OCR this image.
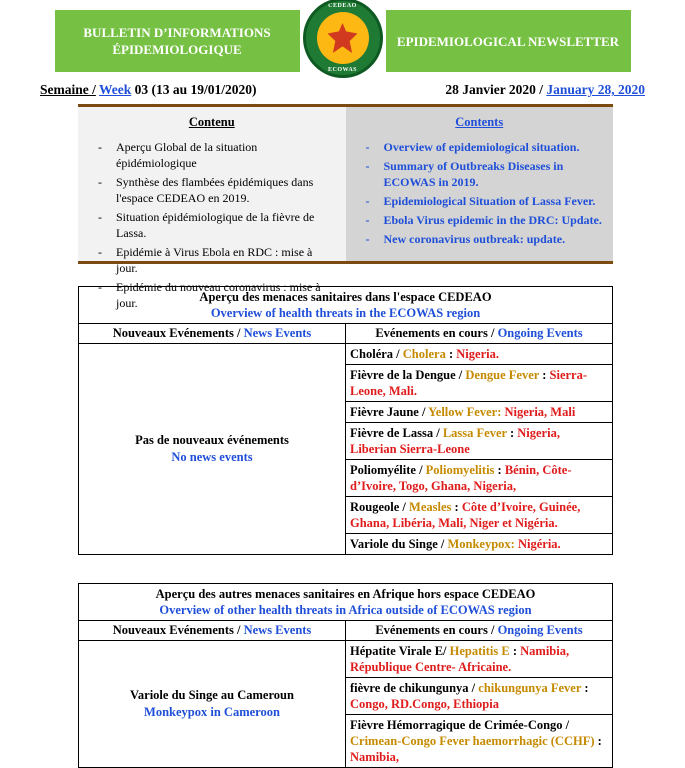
BULLETIN D’INFORMATIONS ÉPIDEMIOLOGIQUE
CEDEAO
ECOWAS
EPIDEMIOLOGICAL NEWSLETTER
Semaine / Week 03 (13 au 19/01/2020)	28 Janvier 2020 / January 28, 2020
Contenu
- Aperçu Global de la situation épidémiologique
- Synthèse des flambées épidémiques dans l'espace CEDEAO en 2019.
- Situation épidémiologique de la fièvre de Lassa.
- Epidémie à Virus Ebola en RDC : mise à jour.
- Epidémie du nouveau coronavirus : mise à jour.
Contents
- Overview of epidemiological situation.
- Summary of Outbreaks Diseases in ECOWAS in 2019.
- Epidemiological Situation of Lassa Fever.
- Ebola Virus epidemic in the DRC: Update.
- New coronavirus outbreak: update.
Aperçu des menaces sanitaires dans l'espace CEDEAO
Overview of health threats in the ECOWAS region	
Nouveaux Evénements / News Events	Evénements en cours / Ongoing Events
Pas de nouveaux événements
No news events	Choléra / Cholera : Nigeria.
	Fièvre de la Dengue / Dengue Fever : Sierra-Leone, Mali.
	Fièvre Jaune / Yellow Fever: Nigeria, Mali
	Fièvre de Lassa / Lassa Fever : Nigeria, Liberian Sierra-Leone
	Poliomyélite / Poliomyelitis : Bénin, Côte-d’Ivoire, Togo, Ghana, Nigeria,
	Rougeole / Measles : Côte d’Ivoire, Guinée, Ghana, Libéria, Mali, Niger et Nigéria.
	Variole du Singe / Monkeypox: Nigéria.
Aperçu des autres menaces sanitaires en Afrique hors espace CEDEAO
Overview of other health threats in Africa outside of ECOWAS region	
Nouveaux Evénements / News Events	Evénements en cours / Ongoing Events
Variole du Singe au Cameroun
Monkeypox in Cameroon	Hépatite Virale E/ Hepatitis E : Namibia, République Centre- Africaine.
	fièvre de chikungunya / chikungunya Fever : Congo, RD.Congo, Ethiopia
	Fièvre Hémorragique de Crimée-Congo / Crimean-Congo Fever haemorrhagic (CCHF) : Namibia,
